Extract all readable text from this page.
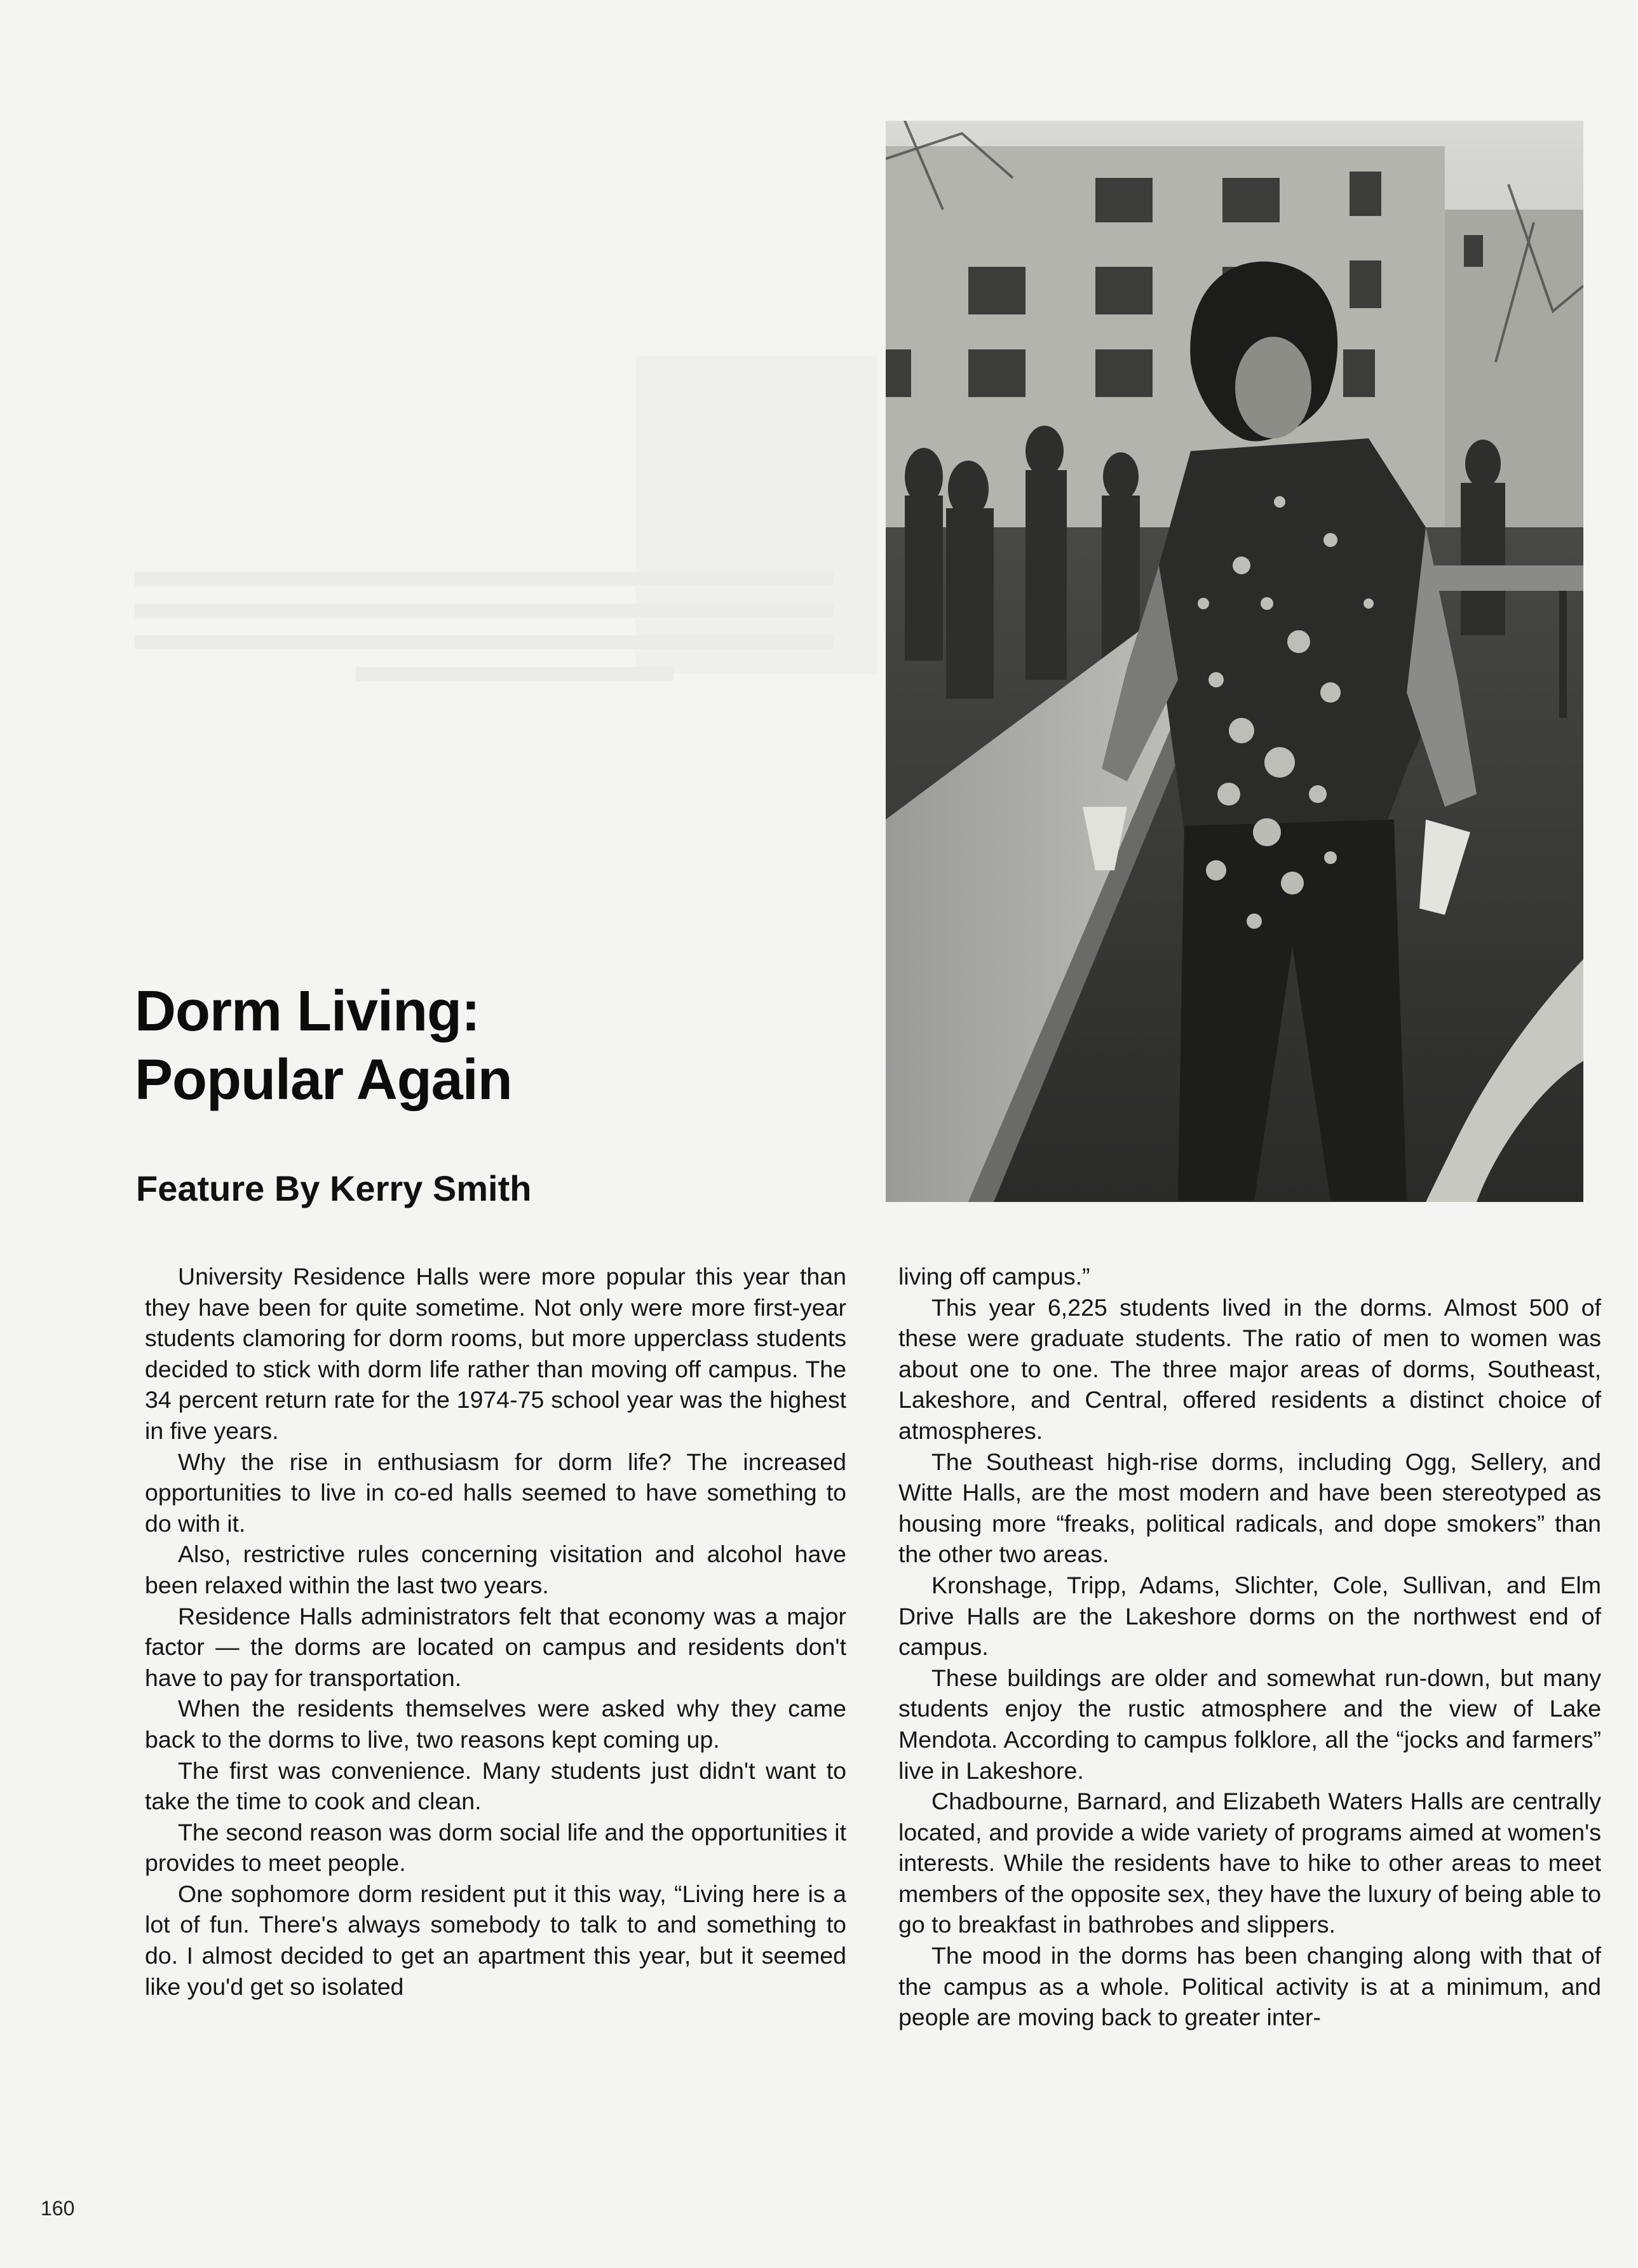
Dorm Living:
Popular Again
Feature By Kerry Smith

University Residence Halls were more popular this year than they have been for quite sometime. Not only were more first-year students clamoring for dorm rooms, but more upperclass students decided to stick with dorm life rather than moving off campus. The 34 percent return rate for the 1974-75 school year was the highest in five years.

Why the rise in enthusiasm for dorm life? The increased opportunities to live in co-ed halls seemed to have something to do with it.

Also, restrictive rules concerning visitation and alcohol have been relaxed within the last two years.

Residence Halls administrators felt that economy was a major factor — the dorms are located on campus and residents don't have to pay for transportation.

When the residents themselves were asked why they came back to the dorms to live, two reasons kept coming up.

The first was convenience. Many students just didn't want to take the time to cook and clean.

The second reason was dorm social life and the opportunities it provides to meet people.

One sophomore dorm resident put it this way, “Living here is a lot of fun. There's always somebody to talk to and something to do. I almost decided to get an apartment this year, but it seemed like you'd get so isolated

living off campus.”

This year 6,225 students lived in the dorms. Almost 500 of these were graduate students. The ratio of men to women was about one to one. The three major areas of dorms, Southeast, Lakeshore, and Central, offered residents a distinct choice of atmospheres.

The Southeast high-rise dorms, including Ogg, Sellery, and Witte Halls, are the most modern and have been stereotyped as housing more “freaks, political radicals, and dope smokers” than the other two areas.

Kronshage, Tripp, Adams, Slichter, Cole, Sullivan, and Elm Drive Halls are the Lakeshore dorms on the northwest end of campus.

These buildings are older and somewhat run-down, but many students enjoy the rustic atmosphere and the view of Lake Mendota. According to campus folklore, all the “jocks and farmers” live in Lakeshore.

Chadbourne, Barnard, and Elizabeth Waters Halls are centrally located, and provide a wide variety of programs aimed at women's interests. While the residents have to hike to other areas to meet members of the opposite sex, they have the luxury of being able to go to breakfast in bathrobes and slippers.

The mood in the dorms has been changing along with that of the campus as a whole. Political activity is at a minimum, and people are moving back to greater inter-

160
